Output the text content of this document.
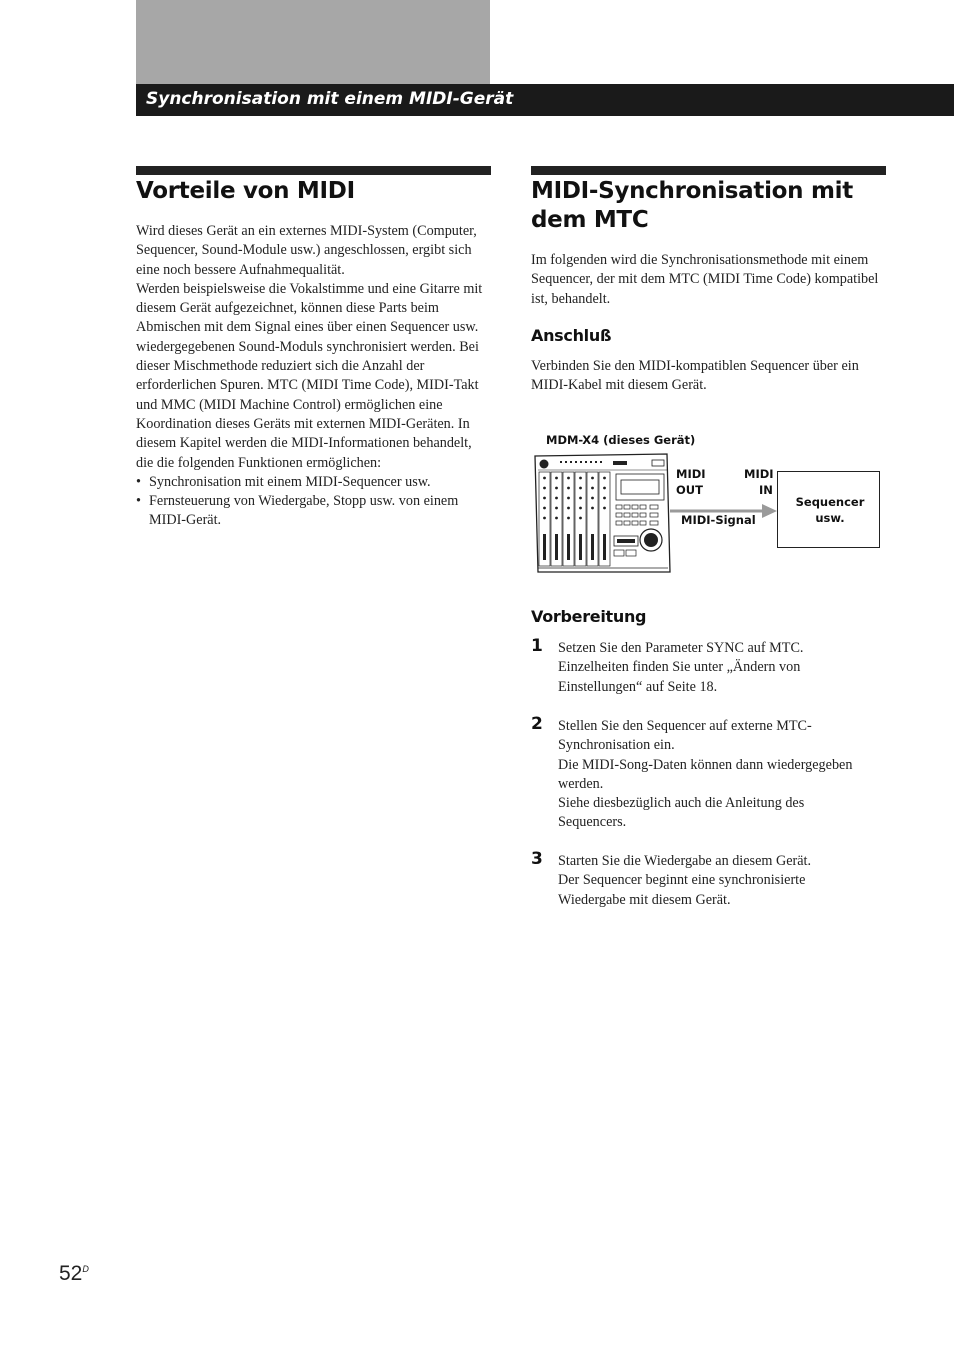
Synchronisation mit einem MIDI-Gerät
Vorteile von MIDI

Wird dieses Gerät an ein externes MIDI-System (Computer, Sequencer, Sound-Module usw.) angeschlossen, ergibt sich eine noch bessere Aufnahmequalität.

Werden beispielsweise die Vokalstimme und eine Gitarre mit diesem Gerät aufgezeichnet, können diese Parts beim Abmischen mit dem Signal eines über einen Sequencer usw. wiedergegebenen Sound-Moduls synchronisiert werden. Bei dieser Mischmethode reduziert sich die Anzahl der erforderlichen Spuren. MTC (MIDI Time Code), MIDI-Takt und MMC (MIDI Machine Control) ermöglichen eine Koordination dieses Geräts mit externen MIDI-Geräten. In diesem Kapitel werden die MIDI-Informationen behandelt, die die folgenden Funktionen ermöglichen:

• Synchronisation mit einem MIDI-Sequencer usw.
• Fernsteuerung von Wiedergabe, Stopp usw. von einem MIDI-Gerät.
MIDI-Synchronisation mit dem MTC

Im folgenden wird die Synchronisationsmethode mit einem Sequencer, der mit dem MTC (MIDI Time Code) kompatibel ist, behandelt.

Anschluß

Verbinden Sie den MIDI-kompatiblen Sequencer über ein MIDI-Kabel mit diesem Gerät.

MDM-X4 (dieses Gerät)
MIDI
OUT
MIDI
IN
MIDI-Signal
Sequencer
usw.
Vorbereitung
1 Setzen Sie den Parameter SYNC auf MTC.

Einzelheiten finden Sie unter „Ändern von Einstellungen“ auf Seite 18.

2 Stellen Sie den Sequencer auf externe MTC-Synchronisation ein.

Die MIDI-Song-Daten können dann wiedergegeben werden.

Siehe diesbezüglich auch die Anleitung des Sequencers.

3 Starten Sie die Wiedergabe an diesem Gerät.

Der Sequencer beginnt eine synchronisierte Wiedergabe mit diesem Gerät.

$52^D$
